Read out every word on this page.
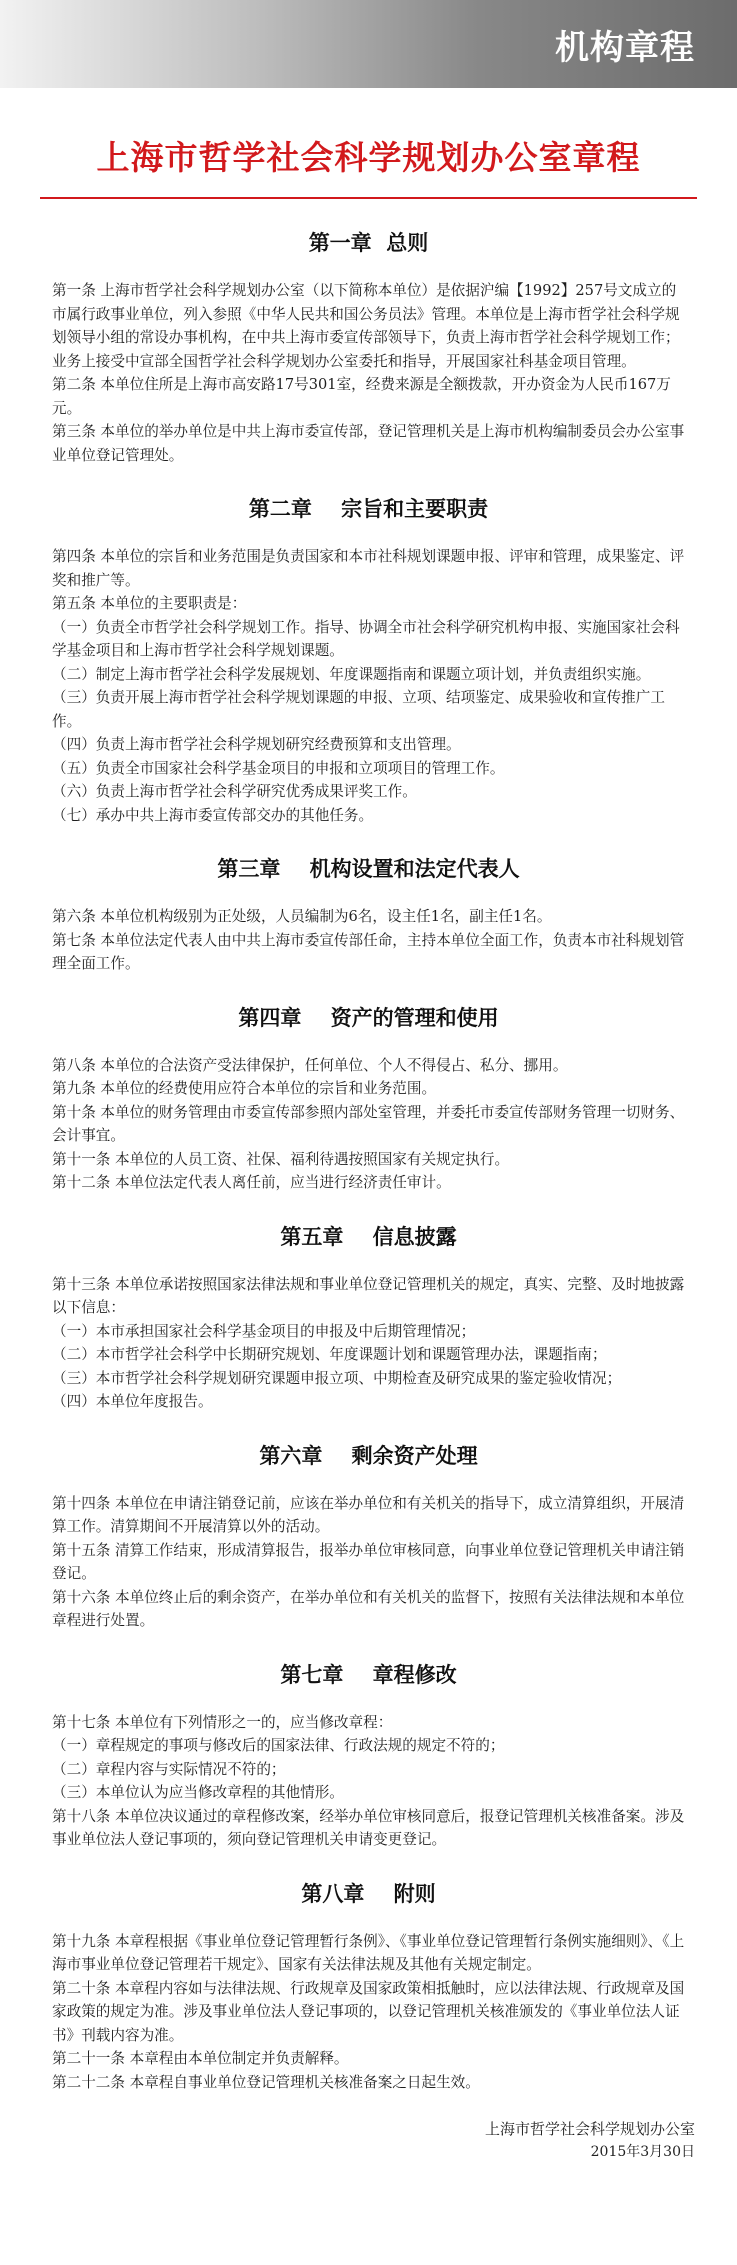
机构章程
上海市哲学社会科学规划办公室章程
第一章  总则

第一条 上海市哲学社会科学规划办公室（以下简称本单位）是依据沪编【1992】257号文成立的市属行政事业单位，列入参照《中华人民共和国公务员法》管理。本单位是上海市哲学社会科学规划领导小组的常设办事机构，在中共上海市委宣传部领导下，负责上海市哲学社会科学规划工作；业务上接受中宣部全国哲学社会科学规划办公室委托和指导，开展国家社科基金项目管理。

第二条 本单位住所是上海市高安路17号301室，经费来源是全额拨款，开办资金为人民币167万元。

第三条 本单位的举办单位是中共上海市委宣传部，登记管理机关是上海市机构编制委员会办公室事业单位登记管理处。

第二章    宗旨和主要职责

第四条 本单位的宗旨和业务范围是负责国家和本市社科规划课题申报、评审和管理，成果鉴定、评奖和推广等。

第五条 本单位的主要职责是：

（一）负责全市哲学社会科学规划工作。指导、协调全市社会科学研究机构申报、实施国家社会科学基金项目和上海市哲学社会科学规划课题。

（二）制定上海市哲学社会科学发展规划、年度课题指南和课题立项计划，并负责组织实施。

（三）负责开展上海市哲学社会科学规划课题的申报、立项、结项鉴定、成果验收和宣传推广工作。

（四）负责上海市哲学社会科学规划研究经费预算和支出管理。

（五）负责全市国家社会科学基金项目的申报和立项项目的管理工作。

（六）负责上海市哲学社会科学研究优秀成果评奖工作。

（七）承办中共上海市委宣传部交办的其他任务。

第三章    机构设置和法定代表人

第六条 本单位机构级别为正处级，人员编制为6名，设主任1名，副主任1名。

第七条 本单位法定代表人由中共上海市委宣传部任命，主持本单位全面工作，负责本市社科规划管理全面工作。

第四章    资产的管理和使用

第八条 本单位的合法资产受法律保护，任何单位、个人不得侵占、私分、挪用。

第九条 本单位的经费使用应符合本单位的宗旨和业务范围。

第十条 本单位的财务管理由市委宣传部参照内部处室管理，并委托市委宣传部财务管理一切财务、会计事宜。

第十一条 本单位的人员工资、社保、福利待遇按照国家有关规定执行。

第十二条 本单位法定代表人离任前，应当进行经济责任审计。

第五章    信息披露

第十三条 本单位承诺按照国家法律法规和事业单位登记管理机关的规定，真实、完整、及时地披露以下信息：

（一）本市承担国家社会科学基金项目的申报及中后期管理情况；

（二）本市哲学社会科学中长期研究规划、年度课题计划和课题管理办法，课题指南；

（三）本市哲学社会科学规划研究课题申报立项、中期检查及研究成果的鉴定验收情况；

（四）本单位年度报告。

第六章    剩余资产处理

第十四条 本单位在申请注销登记前，应该在举办单位和有关机关的指导下，成立清算组织，开展清算工作。清算期间不开展清算以外的活动。

第十五条 清算工作结束，形成清算报告，报举办单位审核同意，向事业单位登记管理机关申请注销登记。

第十六条 本单位终止后的剩余资产，在举办单位和有关机关的监督下，按照有关法律法规和本单位章程进行处置。

第七章    章程修改

第十七条 本单位有下列情形之一的，应当修改章程：

（一）章程规定的事项与修改后的国家法律、行政法规的规定不符的；

（二）章程内容与实际情况不符的；

（三）本单位认为应当修改章程的其他情形。

第十八条 本单位决议通过的章程修改案，经举办单位审核同意后，报登记管理机关核准备案。涉及事业单位法人登记事项的，须向登记管理机关申请变更登记。

第八章    附则

第十九条 本章程根据《事业单位登记管理暂行条例》、《事业单位登记管理暂行条例实施细则》、《上海市事业单位登记管理若干规定》、国家有关法律法规及其他有关规定制定。

第二十条 本章程内容如与法律法规、行政规章及国家政策相抵触时，应以法律法规、行政规章及国家政策的规定为准。涉及事业单位法人登记事项的，以登记管理机关核准颁发的《事业单位法人证书》刊载内容为准。

第二十一条 本章程由本单位制定并负责解释。

第二十二条 本章程自事业单位登记管理机关核准备案之日起生效。

上海市哲学社会科学规划办公室
2015年3月30日
